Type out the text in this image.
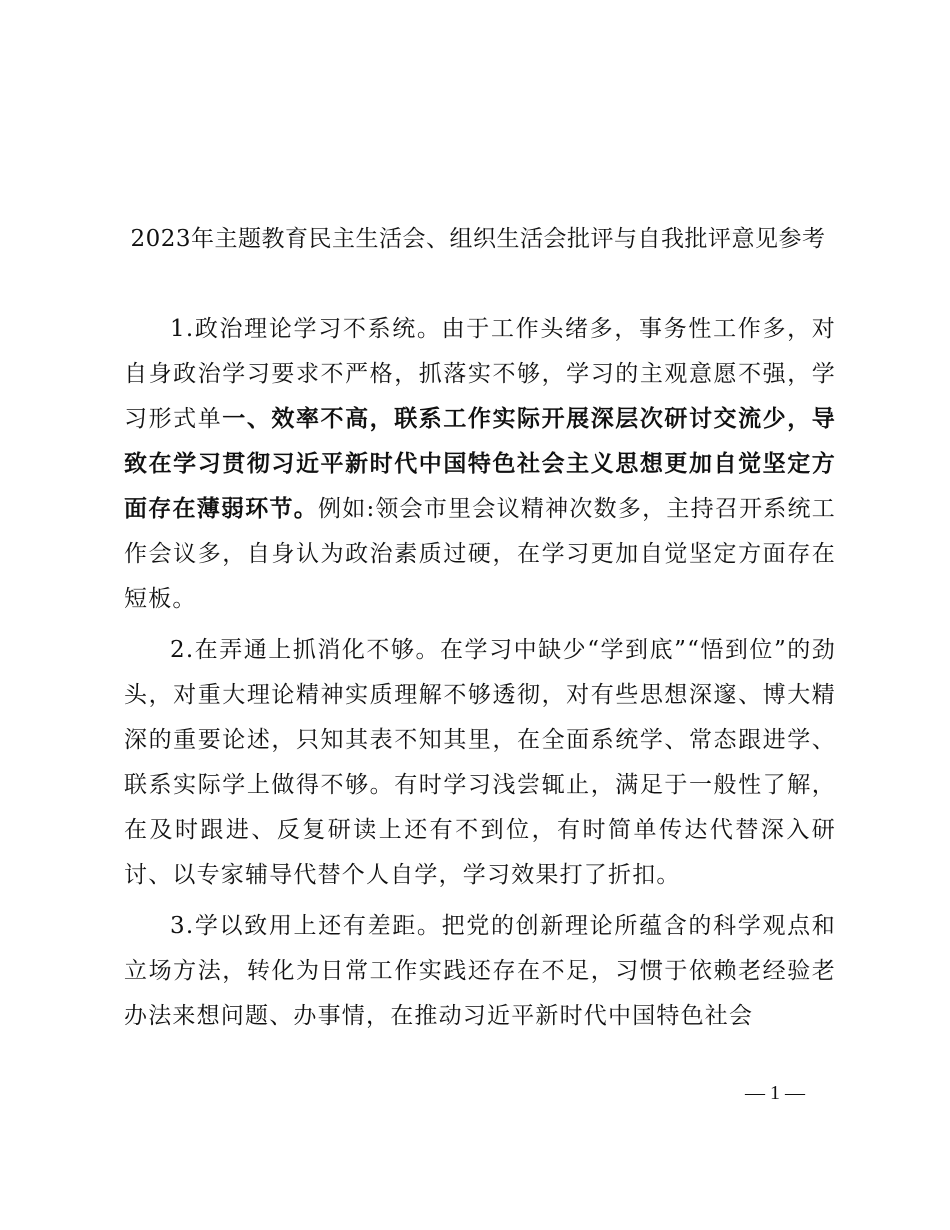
2023年主题教育民主生活会、组织生活会批评与自我批评意见参考

1.政治理论学习不系统。由于工作头绪多，事务性工作多，对自身政治学习要求不严格，抓落实不够，学习的主观意愿不强，学习形式单一、效率不高，联系工作实际开展深层次研讨交流少，导致在学习贯彻习近平新时代中国特色社会主义思想更加自觉坚定方面存在薄弱环节。例如:领会市里会议精神次数多，主持召开系统工作会议多，自身认为政治素质过硬，在学习更加自觉坚定方面存在短板。

2.在弄通上抓消化不够。在学习中缺少“学到底”“悟到位”的劲头，对重大理论精神实质理解不够透彻，对有些思想深邃、博大精深的重要论述，只知其表不知其里，在全面系统学、常态跟进学、联系实际学上做得不够。有时学习浅尝辄止，满足于一般性了解，在及时跟进、反复研读上还有不到位，有时简单传达代替深入研讨、以专家辅导代替个人自学，学习效果打了折扣。

3.学以致用上还有差距。把党的创新理论所蕴含的科学观点和立场方法，转化为日常工作实践还存在不足，习惯于依赖老经验老办法来想问题、办事情，在推动习近平新时代中国特色社会

— 1 —
